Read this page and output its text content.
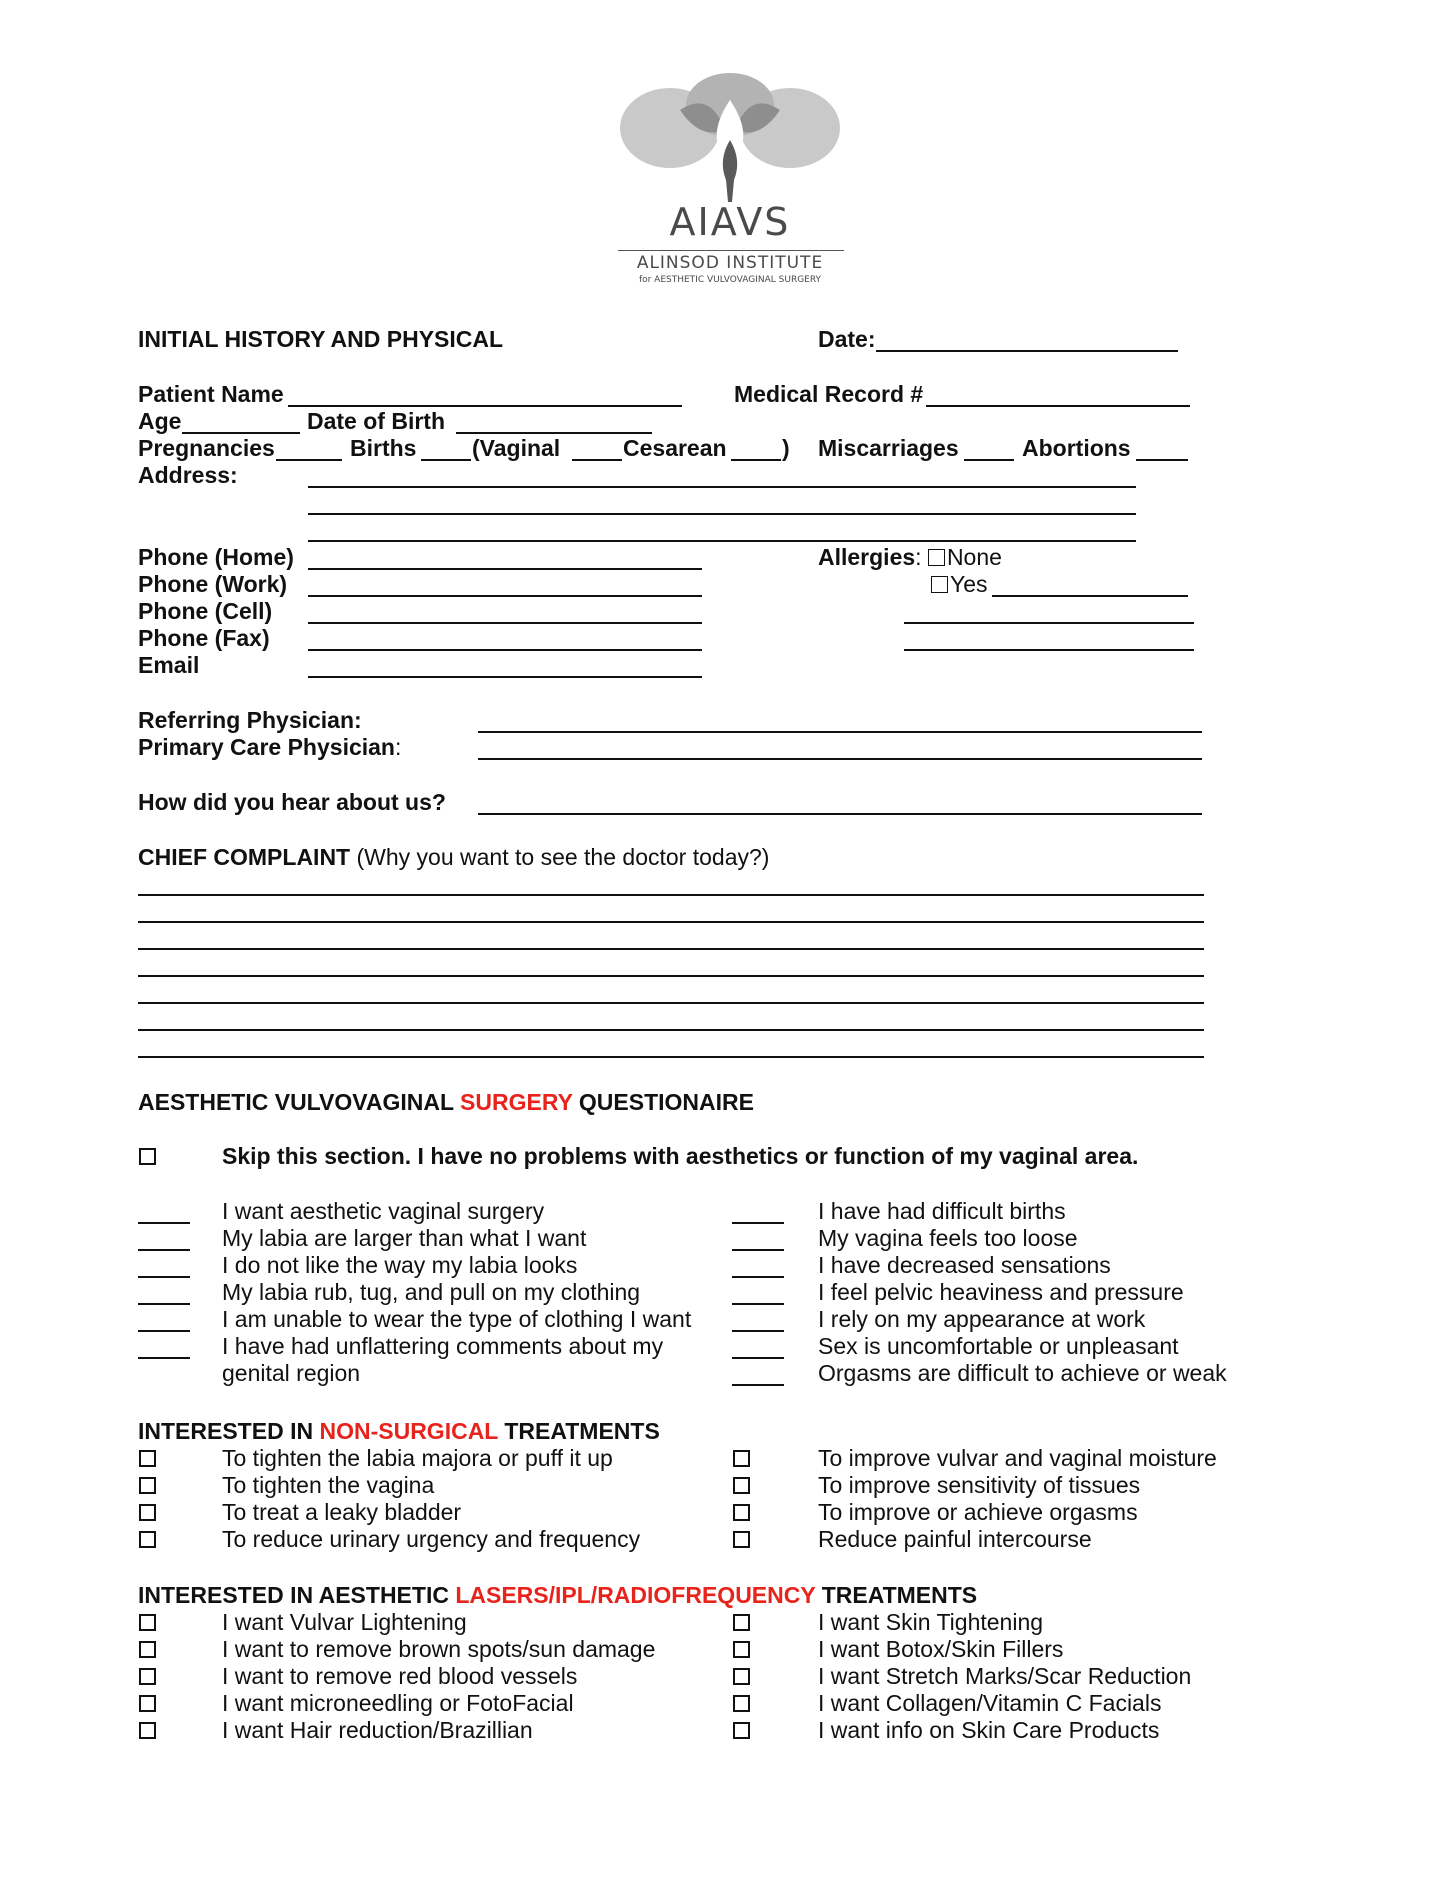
AIAVS
ALINSOD INSTITUTE
for AESTHETIC VULVOVAGINAL SURGERY
INITIAL HISTORY AND PHYSICAL	Date:
Patient Name	Medical Record #
Age	Date of Birth
Pregnancies	Births (Vaginal	Cesarean ) Miscarriages	Abortions
Address:
Phone (Home)
Phone (Work)
Phone (Cell)
Phone (Fax)
Email
Allergies: None
Yes
Referring Physician:
Primary Care Physician:
How did you hear about us?
CHIEF COMPLAINT (Why you want to see the doctor today?)
AESTHETIC VULVOVAGINAL SURGERY QUESTIONAIRE
Skip this section. I have no problems with aesthetics or function of my vaginal area.
I want aesthetic vaginal surgery
My labia are larger than what I want
I do not like the way my labia looks
My labia rub, tug, and pull on my clothing
I am unable to wear the type of clothing I want
I have had unflattering comments about my
genital region
I have had difficult births
My vagina feels too loose
I have decreased sensations
I feel pelvic heaviness and pressure
I rely on my appearance at work
Sex is uncomfortable or unpleasant
Orgasms are difficult to achieve or weak
INTERESTED IN NON-SURGICAL TREATMENTS
To tighten the labia majora or puff it up
To tighten the vagina
To treat a leaky bladder
To reduce urinary urgency and frequency
To improve vulvar and vaginal moisture
To improve sensitivity of tissues
To improve or achieve orgasms
Reduce painful intercourse
INTERESTED IN AESTHETIC LASERS/IPL/RADIOFREQUENCY TREATMENTS
I want Vulvar Lightening
I want to remove brown spots/sun damage
I want to remove red blood vessels
I want microneedling or FotoFacial
I want Hair reduction/Brazillian
I want Skin Tightening
I want Botox/Skin Fillers
I want Stretch Marks/Scar Reduction
I want Collagen/Vitamin C Facials
I want info on Skin Care Products
